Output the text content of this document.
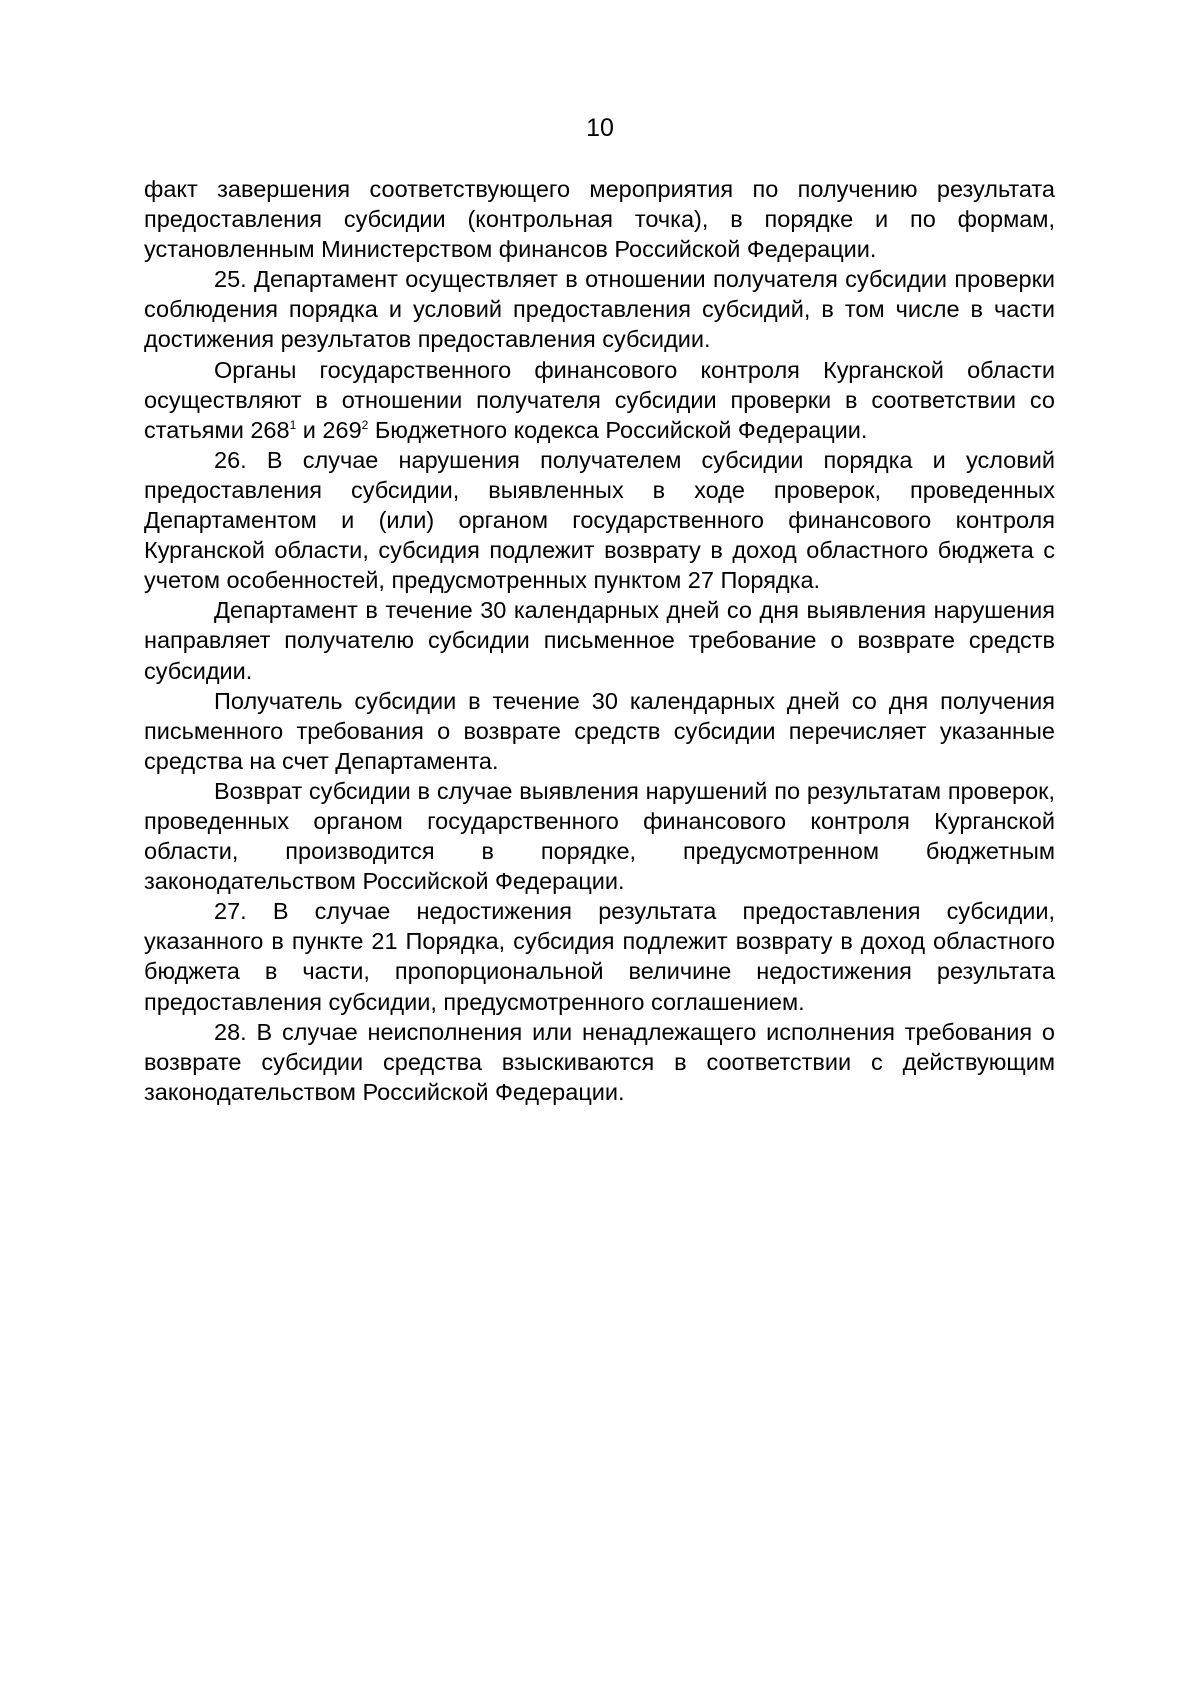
10

факт завершения соответствующего мероприятия по получению результата предоставления субсидии (контрольная точка), в порядке и по формам, установленным Министерством финансов Российской Федерации.

25. Департамент осуществляет в отношении получателя субсидии проверки соблюдения порядка и условий предоставления субсидий, в том числе в части достижения результатов предоставления субсидии.

Органы государственного финансового контроля Курганской области осуществляют в отношении получателя субсидии проверки в соответствии со статьями $268^1$ и $269^2$ Бюджетного кодекса Российской Федерации.

26. В случае нарушения получателем субсидии порядка и условий предоставления субсидии, выявленных в ходе проверок, проведенных Департаментом и (или) органом государственного финансового контроля Курганской области, субсидия подлежит возврату в доход областного бюджета с учетом особенностей, предусмотренных пунктом 27 Порядка.

Департамент в течение 30 календарных дней со дня выявления нарушения направляет получателю субсидии письменное требование о возврате средств субсидии.

Получатель субсидии в течение 30 календарных дней со дня получения письменного требования о возврате средств субсидии перечисляет указанные средства на счет Департамента.

Возврат субсидии в случае выявления нарушений по результатам проверок, проведенных органом государственного финансового контроля Курганской области, производится в порядке, предусмотренном бюджетным законодательством Российской Федерации.

27. В случае недостижения результата предоставления субсидии, указанного в пункте 21 Порядка, субсидия подлежит возврату в доход областного бюджета в части, пропорциональной величине недостижения результата предоставления субсидии, предусмотренного соглашением.

28. В случае неисполнения или ненадлежащего исполнения требования о возврате субсидии средства взыскиваются в соответствии с действующим законодательством Российской Федерации.
